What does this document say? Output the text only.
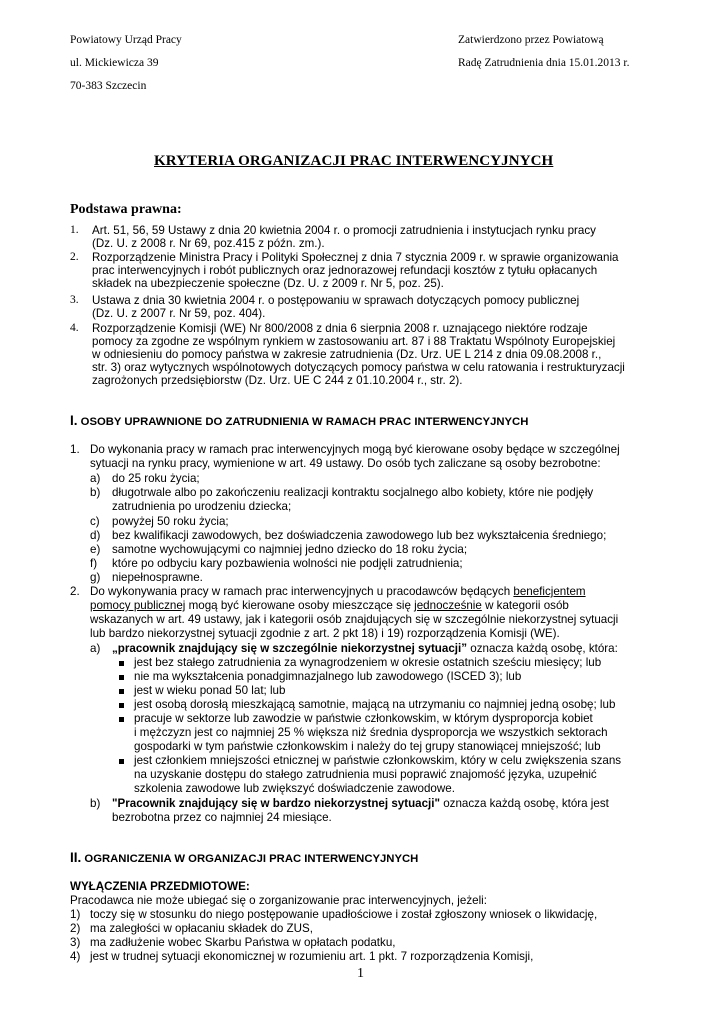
Powiatowy Urząd Pracy
ul. Mickiewicza 39
70-383 Szczecin
Zatwierdzono przez Powiatową
Radę Zatrudnienia dnia 15.01.2013 r.
KRYTERIA ORGANIZACJI PRAC INTERWENCYJNYCH
Podstawa prawna:
1. Art. 51, 56, 59 Ustawy z dnia 20 kwietnia 2004 r. o promocji zatrudnienia i instytucjach rynku pracy
(Dz. U. z 2008 r. Nr 69, poz.415 z późn. zm.).
2. Rozporządzenie Ministra Pracy i Polityki Społecznej z dnia 7 stycznia 2009 r. w sprawie organizowania
prac interwencyjnych i robót publicznych oraz jednorazowej refundacji kosztów z tytułu opłacanych
składek na ubezpieczenie społeczne (Dz. U. z 2009 r. Nr 5, poz. 25).
3. Ustawa z dnia 30 kwietnia 2004 r. o postępowaniu w sprawach dotyczących pomocy publicznej
(Dz. U. z 2007 r. Nr 59, poz. 404).
4. Rozporządzenie Komisji (WE) Nr 800/2008 z dnia 6 sierpnia 2008 r. uznającego niektóre rodzaje
pomocy za zgodne ze wspólnym rynkiem w zastosowaniu art. 87 i 88 Traktatu Wspólnoty Europejskiej
w odniesieniu do pomocy państwa w zakresie zatrudnienia (Dz. Urz. UE L 214 z dnia 09.08.2008 r.,
str. 3) oraz wytycznych wspólnotowych dotyczących pomocy państwa w celu ratowania i restrukturyzacji
zagrożonych przedsiębiorstw (Dz. Urz. UE C 244 z 01.10.2004 r., str. 2).
I. OSOBY UPRAWNIONE DO ZATRUDNIENIA W RAMACH PRAC INTERWENCYJNYCH
1. Do wykonania pracy w ramach prac interwencyjnych mogą być kierowane osoby będące w szczególnej
sytuacji na rynku pracy, wymienione w art. 49 ustawy. Do osób tych zaliczane są osoby bezrobotne:
a) do 25 roku życia;
b) długotrwale albo po zakończeniu realizacji kontraktu socjalnego albo kobiety, które nie podjęły
zatrudnienia po urodzeniu dziecka;
c) powyżej 50 roku życia;
d) bez kwalifikacji zawodowych, bez doświadczenia zawodowego lub bez wykształcenia średniego;
e) samotne wychowującymi co najmniej jedno dziecko do 18 roku życia;
f) które po odbyciu kary pozbawienia wolności nie podjęli zatrudnienia;
g) niepełnosprawne.
2. Do wykonywania pracy w ramach prac interwencyjnych u pracodawców będących beneficjentem
pomocy publicznej mogą być kierowane osoby mieszczące się jednocześnie w kategorii osób
wskazanych w art. 49 ustawy, jak i kategorii osób znajdujących się w szczególnie niekorzystnej sytuacji
lub bardzo niekorzystnej sytuacji zgodnie z art. 2 pkt 18) i 19) rozporządzenia Komisji (WE).
a) „pracownik znajdujący się w szczególnie niekorzystnej sytuacji” oznacza każdą osobę, która:
jest bez stałego zatrudnienia za wynagrodzeniem w okresie ostatnich sześciu miesięcy; lub
nie ma wykształcenia ponadgimnazjalnego lub zawodowego (ISCED 3); lub
jest w wieku ponad 50 lat; lub
jest osobą dorosłą mieszkającą samotnie, mającą na utrzymaniu co najmniej jedną osobę; lub
pracuje w sektorze lub zawodzie w państwie członkowskim, w którym dysproporcja kobiet
i mężczyzn jest co najmniej 25 % większa niż średnia dysproporcja we wszystkich sektorach
gospodarki w tym państwie członkowskim i należy do tej grupy stanowiącej mniejszość; lub
jest członkiem mniejszości etnicznej w państwie członkowskim, który w celu zwiększenia szans
na uzyskanie dostępu do stałego zatrudnienia musi poprawić znajomość języka, uzupełnić
szkolenia zawodowe lub zwiększyć doświadczenie zawodowe.
b) "Pracownik znajdujący się w bardzo niekorzystnej sytuacji" oznacza każdą osobę, która jest
bezrobotna przez co najmniej 24 miesiące.
II. OGRANICZENIA W ORGANIZACJI PRAC INTERWENCYJNYCH
WYŁĄCZENIA PRZEDMIOTOWE:
Pracodawca nie może ubiegać się o zorganizowanie prac interwencyjnych, jeżeli:
1) toczy się w stosunku do niego postępowanie upadłościowe i został zgłoszony wniosek o likwidację,
2) ma zaległości w opłacaniu składek do ZUS,
3) ma zadłużenie wobec Skarbu Państwa w opłatach podatku,
4) jest w trudnej sytuacji ekonomicznej w rozumieniu art. 1 pkt. 7 rozporządzenia Komisji,
1
